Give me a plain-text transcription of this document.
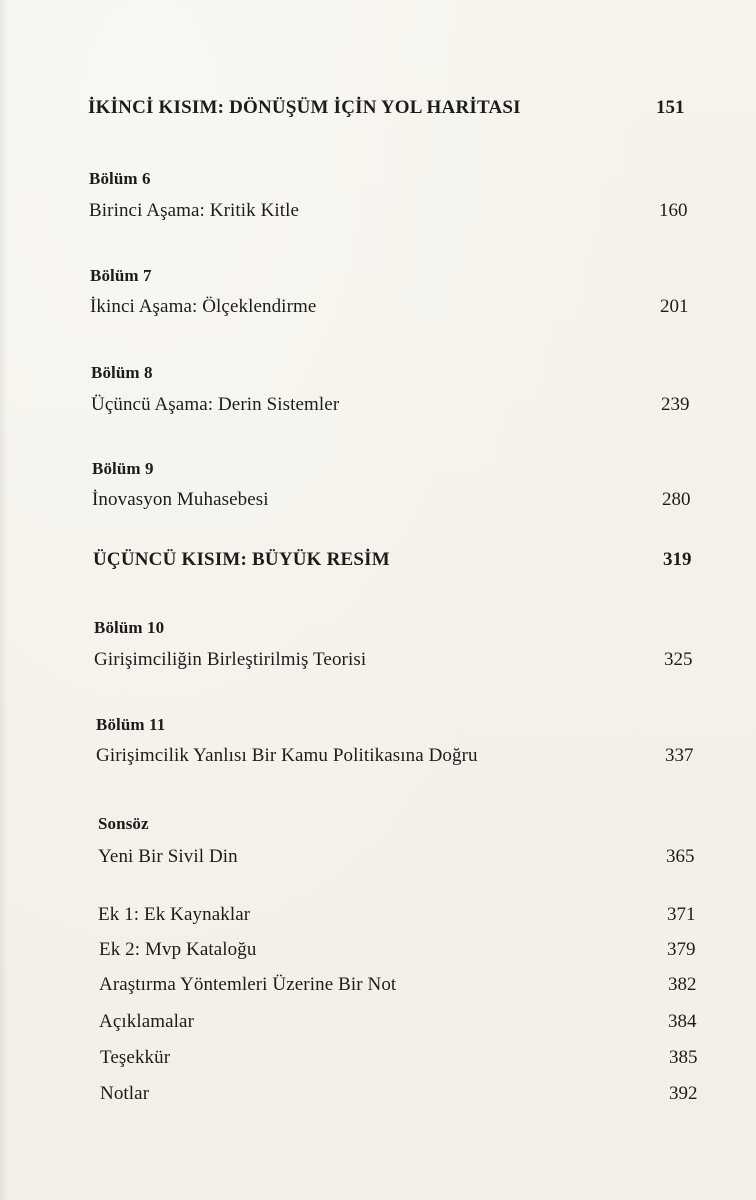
İKİNCİ KISIM: DÖNÜŞÜM İÇİN YOL HARİTASI	151
Bölüm 6
Birinci Aşama: Kritik Kitle	160
Bölüm 7
İkinci Aşama: Ölçeklendirme	201
Bölüm 8
Üçüncü Aşama: Derin Sistemler	239
Bölüm 9
İnovasyon Muhasebesi	280
ÜÇÜNCÜ KISIM: BÜYÜK RESİM	319
Bölüm 10
Girişimciliğin Birleştirilmiş Teorisi	325
Bölüm 11
Girişimcilik Yanlısı Bir Kamu Politikasına Doğru	337
Sonsöz
Yeni Bir Sivil Din	365
Ek 1: Ek Kaynaklar	371
Ek 2: Mvp Kataloğu	379
Araştırma Yöntemleri Üzerine Bir Not	382
Açıklamalar	384
Teşekkür	385
Notlar	392
